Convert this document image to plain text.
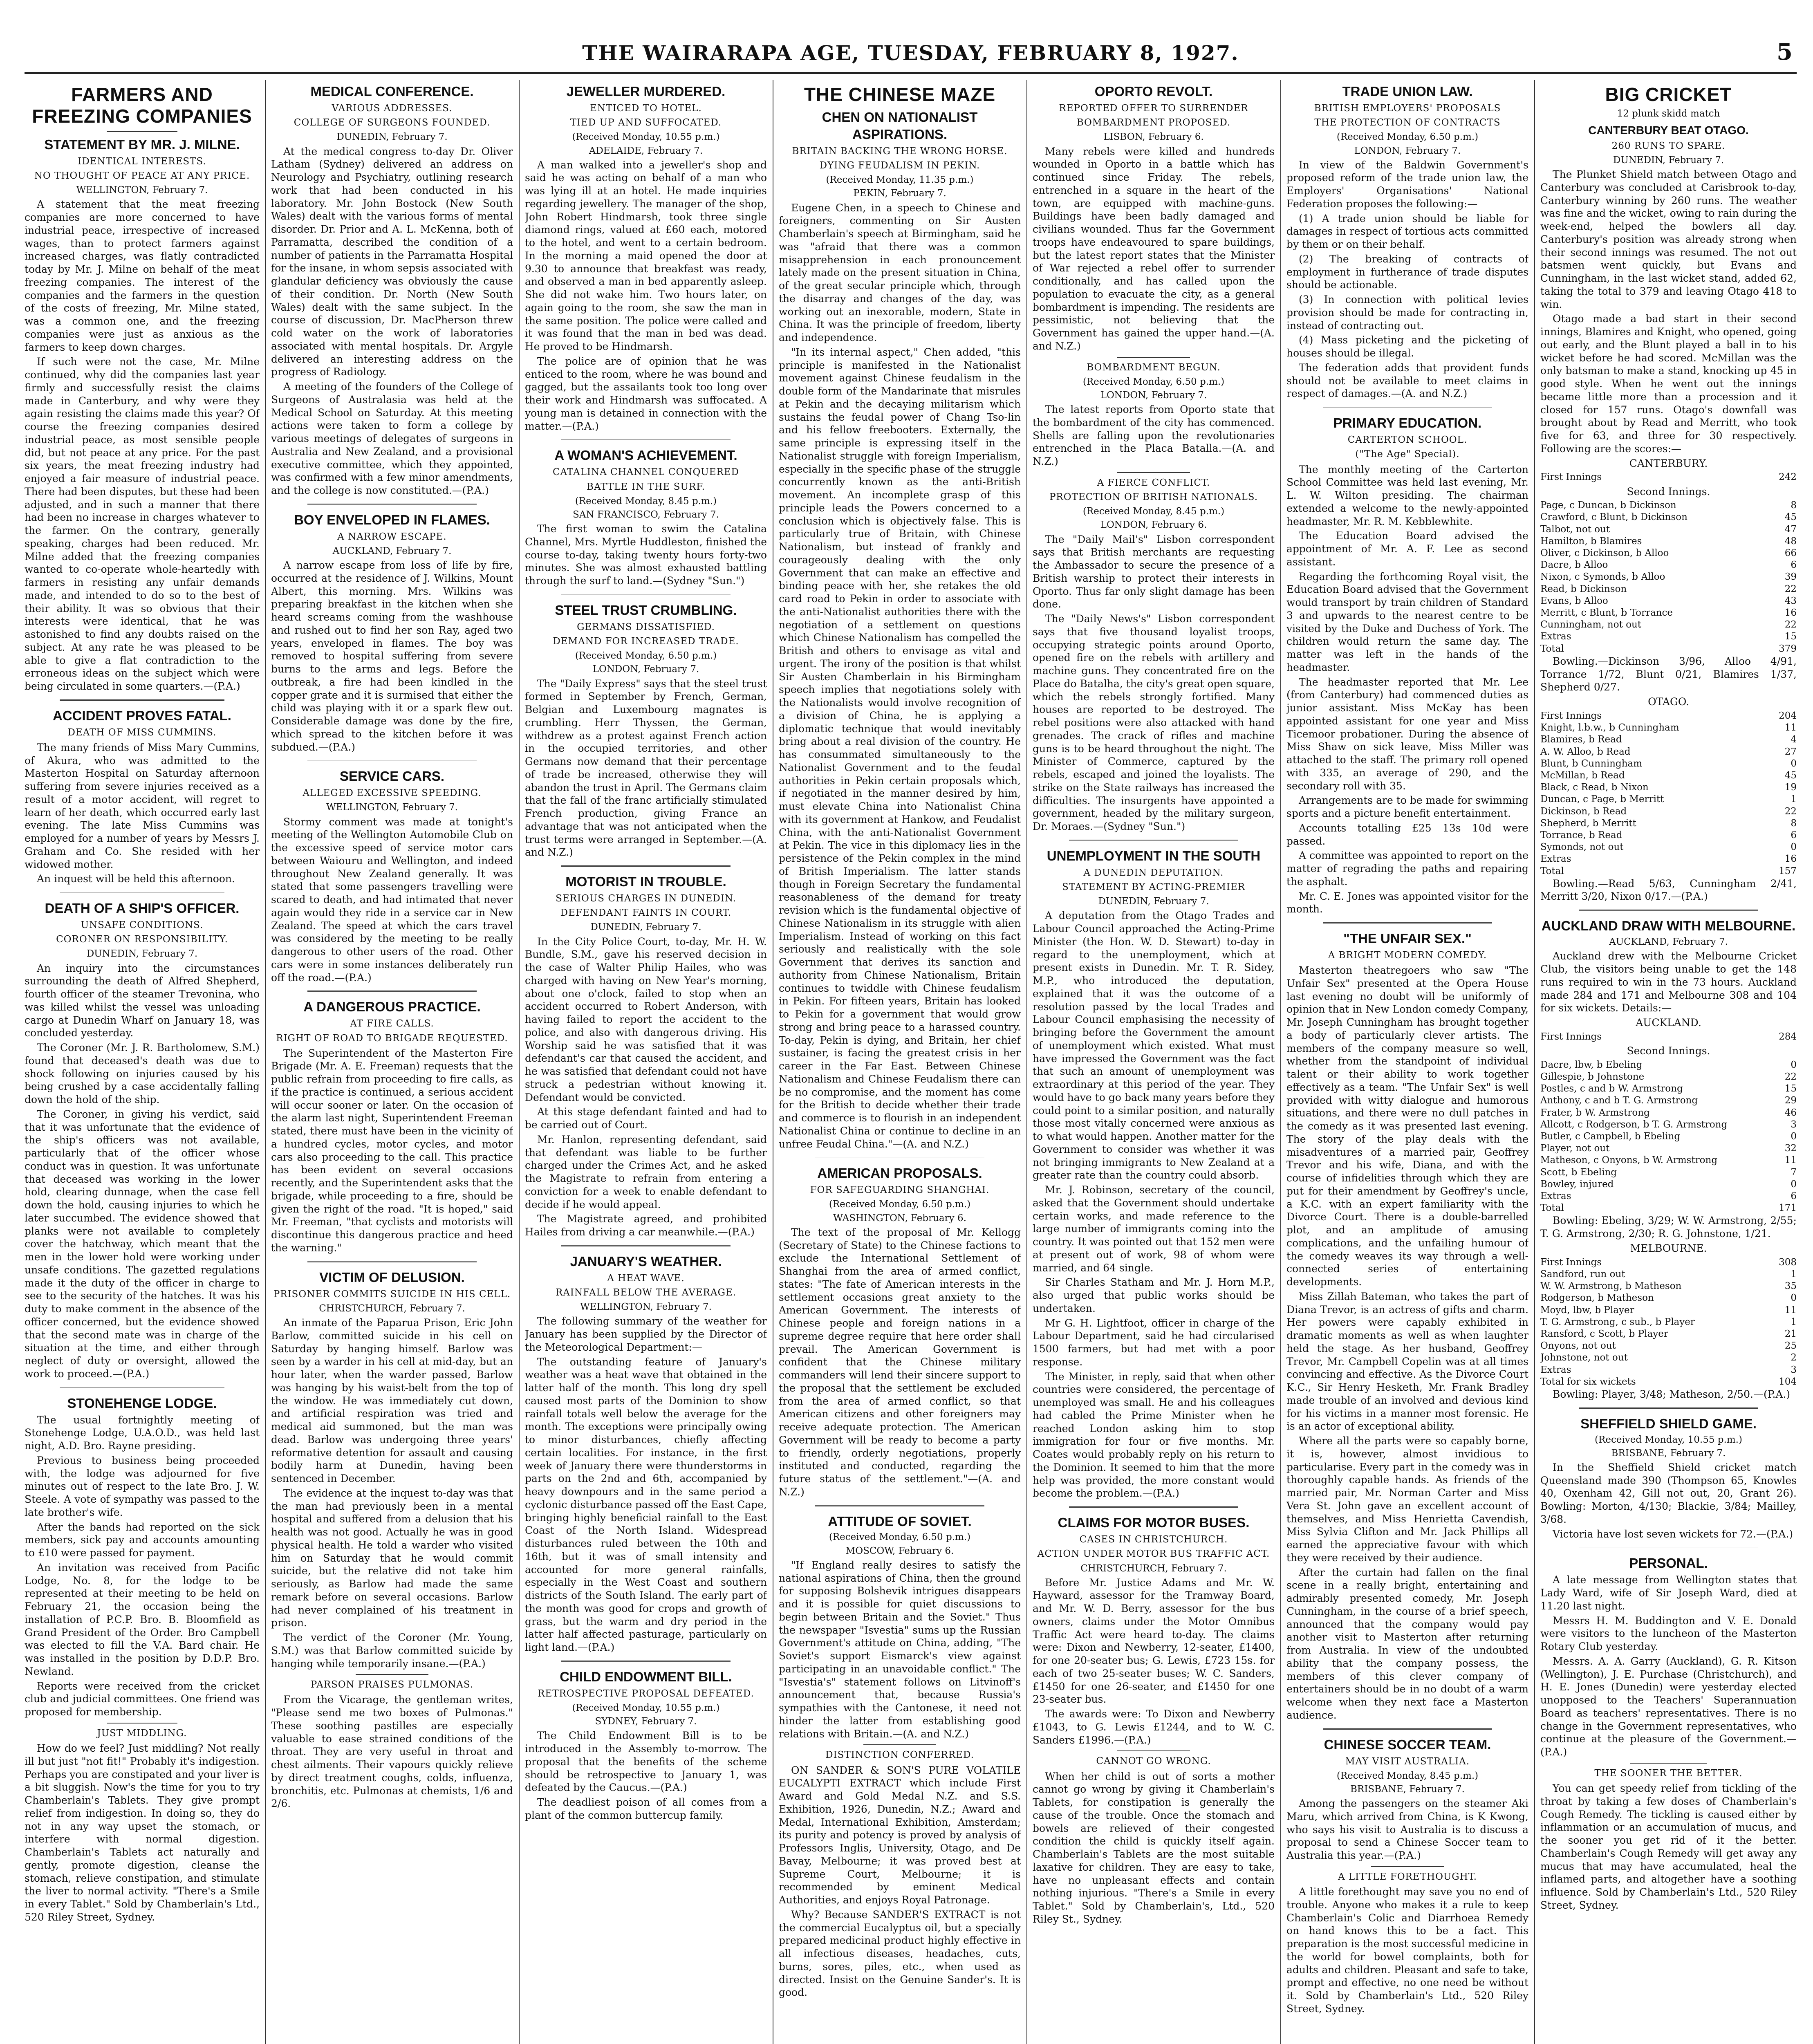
THE WAIRARAPA AGE, TUESDAY, FEBRUARY 8, 1927.	5
FARMERS AND FREEZING COMPANIES
STATEMENT BY MR. J. MILNE.
IDENTICAL INTERESTS.
NO THOUGHT OF PEACE AT ANY PRICE.
WELLINGTON, February 7.

A statement that the meat freezing companies are more concerned to have industrial peace, irrespective of increased wages, than to protect farmers against increased charges, was flatly contradicted today by Mr. J. Milne on behalf of the meat freezing companies. The interest of the companies and the farmers in the question of the costs of freezing, Mr. Milne stated, was a common one, and the freezing companies were just as anxious as the farmers to keep down charges.

If such were not the case, Mr. Milne continued, why did the companies last year firmly and successfully resist the claims made in Canterbury, and why were they again resisting the claims made this year? Of course the freezing companies desired industrial peace, as most sensible people did, but not peace at any price. For the past six years, the meat freezing industry had enjoyed a fair measure of industrial peace. There had been disputes, but these had been adjusted, and in such a manner that there had been no increase in charges whatever to the farmer. On the contrary, generally speaking, charges had been reduced. Mr. Milne added that the freezing companies wanted to co-operate whole-heartedly with farmers in resisting any unfair demands made, and intended to do so to the best of their ability. It was so obvious that their interests were identical, that he was astonished to find any doubts raised on the subject. At any rate he was pleased to be able to give a flat contradiction to the erroneous ideas on the subject which were being circulated in some quarters.—(P.A.)

ACCIDENT PROVES FATAL.
DEATH OF MISS CUMMINS.

The many friends of Miss Mary Cummins, of Akura, who was admitted to the Masterton Hospital on Saturday afternoon suffering from severe injuries received as a result of a motor accident, will regret to learn of her death, which occurred early last evening. The late Miss Cummins was employed for a number of years by Messrs J. Graham and Co. She resided with her widowed mother.

An inquest will be held this afternoon.

DEATH OF A SHIP'S OFFICER.
UNSAFE CONDITIONS.
CORONER ON RESPONSIBILITY.
DUNEDIN, February 7.

An inquiry into the circumstances surrounding the death of Alfred Shepherd, fourth officer of the steamer Trevonina, who was killed whilst the vessel was unloading cargo at Dunedin Wharf on January 18, was concluded yesterday.

The Coroner (Mr. J. R. Bartholomew, S.M.) found that deceased's death was due to shock following on injuries caused by his being crushed by a case accidentally falling down the hold of the ship.

The Coroner, in giving his verdict, said that it was unfortunate that the evidence of the ship's officers was not available, particularly that of the officer whose conduct was in question. It was unfortunate that deceased was working in the lower hold, clearing dunnage, when the case fell down the hold, causing injuries to which he later succumbed. The evidence showed that planks were not available to completely cover the hatchway, which meant that the men in the lower hold were working under unsafe conditions. The gazetted regulations made it the duty of the officer in charge to see to the security of the hatches. It was his duty to make comment in the absence of the officer concerned, but the evidence showed that the second mate was in charge of the situation at the time, and either through neglect of duty or oversight, allowed the work to proceed.—(P.A.)

STONEHENGE LODGE.

The usual fortnightly meeting of Stonehenge Lodge, U.A.O.D., was held last night, A.D. Bro. Rayne presiding.

Previous to business being proceeded with, the lodge was adjourned for five minutes out of respect to the late Bro. J. W. Steele. A vote of sympathy was passed to the late brother's wife.

After the bands had reported on the sick members, sick pay and accounts amounting to £10 were passed for payment.

An invitation was received from Pacific Lodge, No. 8, for the lodge to be represented at their meeting to be held on February 21, the occasion being the installation of P.C.P. Bro. B. Bloomfield as Grand President of the Order. Bro Campbell was elected to fill the V.A. Bard chair. He was installed in the position by D.D.P. Bro. Newland.

Reports were received from the cricket club and judicial committees. One friend was proposed for membership.

JUST MIDDLING.

How do we feel? Just middling? Not really ill but just "not fit!" Probably it's indigestion. Perhaps you are constipated and your liver is a bit sluggish. Now's the time for you to try Chamberlain's Tablets. They give prompt relief from indigestion. In doing so, they do not in any way upset the stomach, or interfere with normal digestion. Chamberlain's Tablets act naturally and gently, promote digestion, cleanse the stomach, relieve constipation, and stimulate the liver to normal activity. "There's a Smile in every Tablet." Sold by Chamberlain's Ltd., 520 Riley Street, Sydney.

MEDICAL CONFERENCE.
VARIOUS ADDRESSES.
COLLEGE OF SURGEONS FOUNDED.
DUNEDIN, February 7.

At the medical congress to-day Dr. Oliver Latham (Sydney) delivered an address on Neurology and Psychiatry, outlining research work that had been conducted in his laboratory. Mr. John Bostock (New South Wales) dealt with the various forms of mental disorder. Dr. Prior and A. L. McKenna, both of Parramatta, described the condition of a number of patients in the Parramatta Hospital for the insane, in whom sepsis associated with glandular deficiency was obviously the cause of their condition. Dr. North (New South Wales) dealt with the same subject. In the course of discussion, Dr. MacPherson threw cold water on the work of laboratories associated with mental hospitals. Dr. Argyle delivered an interesting address on the progress of Radiology.

A meeting of the founders of the College of Surgeons of Australasia was held at the Medical School on Saturday. At this meeting actions were taken to form a college by various meetings of delegates of surgeons in Australia and New Zealand, and a provisional executive committee, which they appointed, was confirmed with a few minor amendments, and the college is now constituted.—(P.A.)

BOY ENVELOPED IN FLAMES.
A NARROW ESCAPE.
AUCKLAND, February 7.

A narrow escape from loss of life by fire, occurred at the residence of J. Wilkins, Mount Albert, this morning. Mrs. Wilkins was preparing breakfast in the kitchen when she heard screams coming from the washhouse and rushed out to find her son Ray, aged two years, enveloped in flames. The boy was removed to hospital suffering from severe burns to the arms and legs. Before the outbreak, a fire had been kindled in the copper grate and it is surmised that either the child was playing with it or a spark flew out. Considerable damage was done by the fire, which spread to the kitchen before it was subdued.—(P.A.)

SERVICE CARS.
ALLEGED EXCESSIVE SPEEDING.
WELLINGTON, February 7.

Stormy comment was made at tonight's meeting of the Wellington Automobile Club on the excessive speed of service motor cars between Waiouru and Wellington, and indeed throughout New Zealand generally. It was stated that some passengers travelling were scared to death, and had intimated that never again would they ride in a service car in New Zealand. The speed at which the cars travel was considered by the meeting to be really dangerous to other users of the road. Other cars were in some instances deliberately run off the road.—(P.A.)

A DANGEROUS PRACTICE.
AT FIRE CALLS.
RIGHT OF ROAD TO BRIGADE REQUESTED.

The Superintendent of the Masterton Fire Brigade (Mr. A. E. Freeman) requests that the public refrain from proceeding to fire calls, as if the practice is continued, a serious accident will occur sooner or later. On the occasion of the alarm last night, Superintendent Freeman stated, there must have been in the vicinity of a hundred cycles, motor cycles, and motor cars also proceeding to the call. This practice has been evident on several occasions recently, and the Superintendent asks that the brigade, while proceeding to a fire, should be given the right of the road. "It is hoped," said Mr. Freeman, "that cyclists and motorists will discontinue this dangerous practice and heed the warning."

VICTIM OF DELUSION.
PRISONER COMMITS SUICIDE IN HIS CELL.
CHRISTCHURCH, February 7.

An inmate of the Paparua Prison, Eric John Barlow, committed suicide in his cell on Saturday by hanging himself. Barlow was seen by a warder in his cell at mid-day, but an hour later, when the warder passed, Barlow was hanging by his waist-belt from the top of the window. He was immediately cut down, and artificial respiration was tried and medical aid summoned, but the man was dead. Barlow was undergoing three years' reformative detention for assault and causing bodily harm at Dunedin, having been sentenced in December.

The evidence at the inquest to-day was that the man had previously been in a mental hospital and suffered from a delusion that his health was not good. Actually he was in good physical health. He told a warder who visited him on Saturday that he would commit suicide, but the relative did not take him seriously, as Barlow had made the same remark before on several occasions. Barlow had never complained of his treatment in prison.

The verdict of the Coroner (Mr. Young, S.M.) was that Barlow committed suicide by hanging while temporarily insane.—(P.A.)

PARSON PRAISES PULMONAS.

From the Vicarage, the gentleman writes, "Please send me two boxes of Pulmonas." These soothing pastilles are especially valuable to ease strained conditions of the throat. They are very useful in throat and chest ailments. Their vapours quickly relieve by direct treatment coughs, colds, influenza, bronchitis, etc. Pulmonas at chemists, 1/6 and 2/6.

JEWELLER MURDERED.
ENTICED TO HOTEL.
TIED UP AND SUFFOCATED.
(Received Monday, 10.55 p.m.)
ADELAIDE, February 7.

A man walked into a jeweller's shop and said he was acting on behalf of a man who was lying ill at an hotel. He made inquiries regarding jewellery. The manager of the shop, John Robert Hindmarsh, took three single diamond rings, valued at £60 each, motored to the hotel, and went to a certain bedroom. In the morning a maid opened the door at 9.30 to announce that breakfast was ready, and observed a man in bed apparently asleep. She did not wake him. Two hours later, on again going to the room, she saw the man in the same position. The police were called and it was found that the man in bed was dead. He proved to be Hindmarsh.

The police are of opinion that he was enticed to the room, where he was bound and gagged, but the assailants took too long over their work and Hindmarsh was suffocated. A young man is detained in connection with the matter.—(P.A.)

A WOMAN'S ACHIEVEMENT.
CATALINA CHANNEL CONQUERED
BATTLE IN THE SURF.
(Received Monday, 8.45 p.m.)
SAN FRANCISCO, February 7.

The first woman to swim the Catalina Channel, Mrs. Myrtle Huddleston, finished the course to-day, taking twenty hours forty-two minutes. She was almost exhausted battling through the surf to land.—(Sydney "Sun.")

STEEL TRUST CRUMBLING.
GERMANS DISSATISFIED.
DEMAND FOR INCREASED TRADE.
(Received Monday, 6.50 p.m.)
LONDON, February 7.

The "Daily Express" says that the steel trust formed in September by French, German, Belgian and Luxembourg magnates is crumbling. Herr Thyssen, the German, withdrew as a protest against French action in the occupied territories, and other Germans now demand that their percentage of trade be increased, otherwise they will abandon the trust in April. The Germans claim that the fall of the franc artificially stimulated French production, giving France an advantage that was not anticipated when the trust terms were arranged in September.—(A. and N.Z.)

MOTORIST IN TROUBLE.
SERIOUS CHARGES IN DUNEDIN.
DEFENDANT FAINTS IN COURT.
DUNEDIN, February 7.

In the City Police Court, to-day, Mr. H. W. Bundle, S.M., gave his reserved decision in the case of Walter Philip Hailes, who was charged with having on New Year's morning, about one o'clock, failed to stop when an accident occurred to Robert Anderson, with having failed to report the accident to the police, and also with dangerous driving. His Worship said he was satisfied that it was defendant's car that caused the accident, and he was satisfied that defendant could not have struck a pedestrian without knowing it. Defendant would be convicted.

At this stage defendant fainted and had to be carried out of Court.

Mr. Hanlon, representing defendant, said that defendant was liable to be further charged under the Crimes Act, and he asked the Magistrate to refrain from entering a conviction for a week to enable defendant to decide if he would appeal.

The Magistrate agreed, and prohibited Hailes from driving a car meanwhile.—(P.A.)

JANUARY'S WEATHER.
A HEAT WAVE.
RAINFALL BELOW THE AVERAGE.
WELLINGTON, February 7.

The following summary of the weather for January has been supplied by the Director of the Meteorological Department:—

The outstanding feature of January's weather was a heat wave that obtained in the latter half of the month. This long dry spell caused most parts of the Dominion to show rainfall totals well below the average for the month. The exceptions were principally owing to minor disturbances, chiefly affecting certain localities. For instance, in the first week of January there were thunderstorms in parts on the 2nd and 6th, accompanied by heavy downpours and in the same period a cyclonic disturbance passed off the East Cape, bringing highly beneficial rainfall to the East Coast of the North Island. Widespread disturbances ruled between the 10th and 16th, but it was of small intensity and accounted for more general rainfalls, especially in the West Coast and southern districts of the South Island. The early part of the month was good for crops and growth of grass, but the warm and dry period in the latter half affected pasturage, particularly on light land.—(P.A.)

CHILD ENDOWMENT BILL.
RETROSPECTIVE PROPOSAL DEFEATED.
(Received Monday, 10.55 p.m.)
SYDNEY, February 7.

The Child Endowment Bill is to be introduced in the Assembly to-morrow. The proposal that the benefits of the scheme should be retrospective to January 1, was defeated by the Caucus.—(P.A.)

The deadliest poison of all comes from a plant of the common buttercup family.

THE CHINESE MAZE
CHEN ON NATIONALIST ASPIRATIONS.
BRITAIN BACKING THE WRONG HORSE.
DYING FEUDALISM IN PEKIN.
(Received Monday, 11.35 p.m.)
PEKIN, February 7.

Eugene Chen, in a speech to Chinese and foreigners, commenting on Sir Austen Chamberlain's speech at Birmingham, said he was "afraid that there was a common misapprehension in each pronouncement lately made on the present situation in China, of the great secular principle which, through the disarray and changes of the day, was working out an inexorable, modern, State in China. It was the principle of freedom, liberty and independence.

"In its internal aspect," Chen added, "this principle is manifested in the Nationalist movement against Chinese feudalism in the double form of the Mandarinate that misrules at Pekin and the decaying militarism which sustains the feudal power of Chang Tso-lin and his fellow freebooters. Externally, the same principle is expressing itself in the Nationalist struggle with foreign Imperialism, especially in the specific phase of the struggle concurrently known as the anti-British movement. An incomplete grasp of this principle leads the Powers concerned to a conclusion which is objectively false. This is particularly true of Britain, with Chinese Nationalism, but instead of frankly and courageously dealing with the only Government that can make an effective and binding peace with her, she retakes the old card road to Pekin in order to associate with the anti-Nationalist authorities there with the negotiation of a settlement on questions which Chinese Nationalism has compelled the British and others to envisage as vital and urgent. The irony of the position is that whilst Sir Austen Chamberlain in his Birmingham speech implies that negotiations solely with the Nationalists would involve recognition of a division of China, he is applying a diplomatic technique that would inevitably bring about a real division of the country. He has consummated simultaneously to the Nationalist Government and to the feudal authorities in Pekin certain proposals which, if negotiated in the manner desired by him, must elevate China into Nationalist China with its government at Hankow, and Feudalist China, with the anti-Nationalist Government at Pekin. The vice in this diplomacy lies in the persistence of the Pekin complex in the mind of British Imperialism. The latter stands though in Foreign Secretary the fundamental reasonableness of the demand for treaty revision which is the fundamental objective of Chinese Nationalism in its struggle with alien Imperialism. Instead of working on this fact seriously and realistically with the sole Government that derives its sanction and authority from Chinese Nationalism, Britain continues to twiddle with Chinese feudalism in Pekin. For fifteen years, Britain has looked to Pekin for a government that would grow strong and bring peace to a harassed country. To-day, Pekin is dying, and Britain, her chief sustainer, is facing the greatest crisis in her career in the Far East. Between Chinese Nationalism and Chinese Feudalism there can be no compromise, and the moment has come for the British to decide whether their trade and commerce is to flourish in an independent Nationalist China or continue to decline in an unfree Feudal China."—(A. and N.Z.)

AMERICAN PROPOSALS.
FOR SAFEGUARDING SHANGHAI.
(Received Monday, 6.50 p.m.)
WASHINGTON, February 6.

The text of the proposal of Mr. Kellogg (Secretary of State) to the Chinese factions to exclude the International Settlement of Shanghai from the area of armed conflict, states: "The fate of American interests in the settlement occasions great anxiety to the American Government. The interests of Chinese people and foreign nations in a supreme degree require that here order shall prevail. The American Government is confident that the Chinese military commanders will lend their sincere support to the proposal that the settlement be excluded from the area of armed conflict, so that American citizens and other foreigners may receive adequate protection. The American Government will be ready to become a party to friendly, orderly negotiations, properly instituted and conducted, regarding the future status of the settlement."—(A. and N.Z.)

ATTITUDE OF SOVIET.
(Received Monday, 6.50 p.m.)
MOSCOW, February 6.

"If England really desires to satisfy the national aspirations of China, then the ground for supposing Bolshevik intrigues disappears and it is possible for quiet discussions to begin between Britain and the Soviet." Thus the newspaper "Isvestia" sums up the Russian Government's attitude on China, adding, "The Soviet's support Eismarck's view against participating in an unavoidable conflict." The "Isvestia's" statement follows on Litvinoff's announcement that, because Russia's sympathies with the Cantonese, it need not hinder the latter from establishing good relations with Britain.—(A. and N.Z.)

DISTINCTION CONFERRED.

ON SANDER & SON'S PURE VOLATILE EUCALYPTI EXTRACT which include First Award and Gold Medal N.Z. and S.S. Exhibition, 1926, Dunedin, N.Z.; Award and Medal, International Exhibition, Amsterdam; its purity and potency is proved by analysis of Professors Inglis, University, Otago, and De Bavay, Melbourne; it was proved best at Supreme Court, Melbourne; it is recommended by eminent Medical Authorities, and enjoys Royal Patronage.

Why? Because SANDER'S EXTRACT is not the commercial Eucalyptus oil, but a specially prepared medicinal product highly effective in all infectious diseases, headaches, cuts, burns, sores, piles, etc., when used as directed. Insist on the Genuine Sander's. It is good.

OPORTO REVOLT.
REPORTED OFFER TO SURRENDER
BOMBARDMENT PROPOSED.
LISBON, February 6.

Many rebels were killed and hundreds wounded in Oporto in a battle which has continued since Friday. The rebels, entrenched in a square in the heart of the town, are equipped with machine-guns. Buildings have been badly damaged and civilians wounded. Thus far the Government troops have endeavoured to spare buildings, but the latest report states that the Minister of War rejected a rebel offer to surrender conditionally, and has called upon the population to evacuate the city, as a general bombardment is impending. The residents are pessimistic, not believing that the Government has gained the upper hand.—(A. and N.Z.)

BOMBARDMENT BEGUN.
(Received Monday, 6.50 p.m.)
LONDON, February 7.

The latest reports from Oporto state that the bombardment of the city has commenced. Shells are falling upon the revolutionaries entrenched in the Placa Batalla.—(A. and N.Z.)

A FIERCE CONFLICT.
PROTECTION OF BRITISH NATIONALS.
(Received Monday, 8.45 p.m.)
LONDON, February 6.

The "Daily Mail's" Lisbon correspondent says that British merchants are requesting the Ambassador to secure the presence of a British warship to protect their interests in Oporto. Thus far only slight damage has been done.

The "Daily News's" Lisbon correspondent says that five thousand loyalist troops, occupying strategic points around Oporto, opened fire on the rebels with artillery and machine guns. They concentrated fire on the Place do Batalha, the city's great open square, which the rebels strongly fortified. Many houses are reported to be destroyed. The rebel positions were also attacked with hand grenades. The crack of rifles and machine guns is to be heard throughout the night. The Minister of Commerce, captured by the rebels, escaped and joined the loyalists. The strike on the State railways has increased the difficulties. The insurgents have appointed a government, headed by the military surgeon, Dr. Moraes.—(Sydney "Sun.")

UNEMPLOYMENT IN THE SOUTH
A DUNEDIN DEPUTATION.
STATEMENT BY ACTING-PREMIER
DUNEDIN, February 7.

A deputation from the Otago Trades and Labour Council approached the Acting-Prime Minister (the Hon. W. D. Stewart) to-day in regard to the unemployment, which at present exists in Dunedin. Mr. T. R. Sidey, M.P., who introduced the deputation, explained that it was the outcome of a resolution passed by the local Trades and Labour Council emphasising the necessity of bringing before the Government the amount of unemployment which existed. What must have impressed the Government was the fact that such an amount of unemployment was extraordinary at this period of the year. They would have to go back many years before they could point to a similar position, and naturally those most vitally concerned were anxious as to what would happen. Another matter for the Government to consider was whether it was not bringing immigrants to New Zealand at a greater rate than the country could absorb.

Mr. J. Robinson, secretary of the council, asked that the Government should undertake certain works, and made reference to the large number of immigrants coming into the country. It was pointed out that 152 men were at present out of work, 98 of whom were married, and 64 single.

Sir Charles Statham and Mr. J. Horn M.P., also urged that public works should be undertaken.

Mr G. H. Lightfoot, officer in charge of the Labour Department, said he had circularised 1500 farmers, but had met with a poor response.

The Minister, in reply, said that when other countries were considered, the percentage of unemployed was small. He and his colleagues had cabled the Prime Minister when he reached London asking him to stop immigration for four or five months. Mr. Coates would probably reply on his return to the Dominion. It seemed to him that the more help was provided, the more constant would become the problem.—(P.A.)

CLAIMS FOR MOTOR BUSES.
CASES IN CHRISTCHURCH.
ACTION UNDER MOTOR BUS TRAFFIC ACT.
CHRISTCHURCH, February 7.

Before Mr. Justice Adams and Mr. W. Hayward, assessor for the Tramway Board, and Mr. W. D. Berry, assessor for the bus owners, claims under the Motor Omnibus Traffic Act were heard to-day. The claims were: Dixon and Newberry, 12-seater, £1400, for one 20-seater bus; G. Lewis, £723 15s. for each of two 25-seater buses; W. C. Sanders, £1450 for one 26-seater, and £1450 for one 23-seater bus.

The awards were: To Dixon and Newberry £1043, to G. Lewis £1244, and to W. C. Sanders £1996.—(P.A.)

CANNOT GO WRONG.

When her child is out of sorts a mother cannot go wrong by giving it Chamberlain's Tablets, for constipation is generally the cause of the trouble. Once the stomach and bowels are relieved of their congested condition the child is quickly itself again. Chamberlain's Tablets are the most suitable laxative for children. They are easy to take, have no unpleasant effects and contain nothing injurious. "There's a Smile in every Tablet." Sold by Chamberlain's, Ltd., 520 Riley St., Sydney.

TRADE UNION LAW.
BRITISH EMPLOYERS' PROPOSALS
THE PROTECTION OF CONTRACTS
(Received Monday, 6.50 p.m.)
LONDON, February 7.

In view of the Baldwin Government's proposed reform of the trade union law, the Employers' Organisations' National Federation proposes the following:—

(1) A trade union should be liable for damages in respect of tortious acts committed by them or on their behalf.

(2) The breaking of contracts of employment in furtherance of trade disputes should be actionable.

(3) In connection with political levies provision should be made for contracting in, instead of contracting out.

(4) Mass picketing and the picketing of houses should be illegal.

The federation adds that provident funds should not be available to meet claims in respect of damages.—(A. and N.Z.)

PRIMARY EDUCATION.
CARTERTON SCHOOL.
("The Age" Special).

The monthly meeting of the Carterton School Committee was held last evening, Mr. L. W. Wilton presiding. The chairman extended a welcome to the newly-appointed headmaster, Mr. R. M. Kebblewhite.

The Education Board advised the appointment of Mr. A. F. Lee as second assistant.

Regarding the forthcoming Royal visit, the Education Board advised that the Government would transport by train children of Standard 3 and upwards to the nearest centre to be visited by the Duke and Duchess of York. The children would return the same day. The matter was left in the hands of the headmaster.

The headmaster reported that Mr. Lee (from Canterbury) had commenced duties as junior assistant. Miss McKay has been appointed assistant for one year and Miss Ticemoor probationer. During the absence of Miss Shaw on sick leave, Miss Miller was attached to the staff. The primary roll opened with 335, an average of 290, and the secondary roll with 35.

Arrangements are to be made for swimming sports and a picture benefit entertainment.

Accounts totalling £25 13s 10d were passed.

A committee was appointed to report on the matter of regrading the paths and repairing the asphalt.

Mr. C. E. Jones was appointed visitor for the month.

"THE UNFAIR SEX."
A BRIGHT MODERN COMEDY.

Masterton theatregoers who saw "The Unfair Sex" presented at the Opera House last evening no doubt will be uniformly of opinion that in New London comedy Company, Mr. Joseph Cunningham has brought together a body of particularly clever artists. The members of the company measure so well, whether from the standpoint of individual talent or their ability to work together effectively as a team. "The Unfair Sex" is well provided with witty dialogue and humorous situations, and there were no dull patches in the comedy as it was presented last evening. The story of the play deals with the misadventures of a married pair, Geoffrey Trevor and his wife, Diana, and with the course of infidelities through which they are put for their amendment by Geoffrey's uncle, a K.C. with an expert familiarity with the Divorce Court. There is a double-barrelled plot, and an amplitude of amusing complications, and the unfailing humour of the comedy weaves its way through a well-connected series of entertaining developments.

Miss Zillah Bateman, who takes the part of Diana Trevor, is an actress of gifts and charm. Her powers were capably exhibited in dramatic moments as well as when laughter held the stage. As her husband, Geoffrey Trevor, Mr. Campbell Copelin was at all times convincing and effective. As the Divorce Court K.C., Sir Henry Hesketh, Mr. Frank Bradley made trouble of an involved and devious kind for his victims in a manner most forensic. He is an actor of exceptional ability.

Where all the parts were so capably borne, it is, however, almost invidious to particularise. Every part in the comedy was in thoroughly capable hands. As friends of the married pair, Mr. Norman Carter and Miss Vera St. John gave an excellent account of themselves, and Miss Henrietta Cavendish, Miss Sylvia Clifton and Mr. Jack Phillips all earned the appreciative favour with which they were received by their audience.

After the curtain had fallen on the final scene in a really bright, entertaining and admirably presented comedy, Mr. Joseph Cunningham, in the course of a brief speech, announced that the company would pay another visit to Masterton after returning from Australia. In view of the undoubted ability that the company possess, the members of this clever company of entertainers should be in no doubt of a warm welcome when they next face a Masterton audience.

CHINESE SOCCER TEAM.
MAY VISIT AUSTRALIA.
(Received Monday, 8.45 p.m.)
BRISBANE, February 7.

Among the passengers on the steamer Aki Maru, which arrived from China, is K Kwong, who says his visit to Australia is to discuss a proposal to send a Chinese Soccer team to Australia this year.—(P.A.)

A LITTLE FORETHOUGHT.

A little forethought may save you no end of trouble. Anyone who makes it a rule to keep Chamberlain's Colic and Diarrhoea Remedy on hand knows this to be a fact. This preparation is the most successful medicine in the world for bowel complaints, both for adults and children. Pleasant and safe to take, prompt and effective, no one need be without it. Sold by Chamberlain's Ltd., 520 Riley Street, Sydney.

BIG CRICKET
12 plunk skidd match
CANTERBURY BEAT OTAGO.
260 RUNS TO SPARE.
DUNEDIN, February 7.

The Plunket Shield match between Otago and Canterbury was concluded at Carisbrook to-day, Canterbury winning by 260 runs. The weather was fine and the wicket, owing to rain during the week-end, helped the bowlers all day. Canterbury's position was already strong when their second innings was resumed. The not out batsmen went quickly, but Evans and Cunningham, in the last wicket stand, added 62, taking the total to 379 and leaving Otago 418 to win.

Otago made a bad start in their second innings, Blamires and Knight, who opened, going out early, and the Blunt played a ball in to his wicket before he had scored. McMillan was the only batsman to make a stand, knocking up 45 in good style. When he went out the innings became little more than a procession and it closed for 157 runs. Otago's downfall was brought about by Read and Merritt, who took five for 63, and three for 30 respectively. Following are the scores:—

CANTERBURY.
First Innings	242
Second Innings.
Page, c Duncan, b Dickinson	8
Crawford, c Blunt, b Dickinson	45
Talbot, not out	47
Hamilton, b Blamires	48
Oliver, c Dickinson, b Alloo	66
Dacre, b Alloo	6
Nixon, c Symonds, b Alloo	39
Read, b Dickinson	22
Evans, b Alloo	43
Merritt, c Blunt, b Torrance	16
Cunningham, not out	22
Extras	15
Total	379

Bowling.—Dickinson 3/96, Alloo 4/91, Torrance 1/72, Blunt 0/21, Blamires 1/37, Shepherd 0/27.

OTAGO.
First Innings	204
Knight, l.b.w., b Cunningham	11
Blamires, b Read	4
A. W. Alloo, b Read	27
Blunt, b Cunningham	0
McMillan, b Read	45
Black, c Read, b Nixon	19
Duncan, c Page, b Merritt	1
Dickinson, b Read	22
Shepherd, b Merritt	8
Torrance, b Read	6
Symonds, not out	0
Extras	16
Total	157

Bowling.—Read 5/63, Cunningham 2/41, Merritt 3/20, Nixon 0/17.—(P.A.)

AUCKLAND DRAW WITH MELBOURNE.
AUCKLAND, February 7.

Auckland drew with the Melbourne Cricket Club, the visitors being unable to get the 148 runs required to win in the 73 hours. Auckland made 284 and 171 and Melbourne 308 and 104 for six wickets. Details:—

AUCKLAND.
First Innings	284
Second Innings.
Dacre, lbw, b Ebeling	0
Gillespie, b Johnstone	22
Postles, c and b W. Armstrong	15
Anthony, c and b T. G. Armstrong	29
Frater, b W. Armstrong	46
Allcott, c Rodgerson, b T. G. Armstrong	3
Butler, c Campbell, b Ebeling	0
Player, not out	32
Matheson, c Onyons, b W. Armstrong	11
Scott, b Ebeling	7
Bowley, injured	0
Extras	6
Total	171

Bowling: Ebeling, 3/29; W. W. Armstrong, 2/55; T. G. Armstrong, 2/30; R. G. Johnstone, 1/21.

MELBOURNE.
First Innings	308
Sandford, run out	1
W. W. Armstrong, b Matheson	35
Rodgerson, b Matheson	0
Moyd, lbw, b Player	11
T. G. Armstrong, c sub., b Player	1
Ransford, c Scott, b Player	21
Onyons, not out	25
Johnstone, not out	2
Extras	3
Total for six wickets	104

Bowling: Player, 3/48; Matheson, 2/50.—(P.A.)

SHEFFIELD SHIELD GAME.
(Received Monday, 10.55 p.m.)
BRISBANE, February 7.

In the Sheffield Shield cricket match Queensland made 390 (Thompson 65, Knowles 40, Oxenham 42, Gill not out, 20, Grant 26). Bowling: Morton, 4/130; Blackie, 3/84; Mailley, 3/68.

Victoria have lost seven wickets for 72.—(P.A.)

PERSONAL.

A late message from Wellington states that Lady Ward, wife of Sir Joseph Ward, died at 11.20 last night.

Messrs H. M. Buddington and V. E. Donald were visitors to the luncheon of the Masterton Rotary Club yesterday.

Messrs. A. A. Garry (Auckland), G. R. Kitson (Wellington), J. E. Purchase (Christchurch), and H. E. Jones (Dunedin) were yesterday elected unopposed to the Teachers' Superannuation Board as teachers' representatives. There is no change in the Government representatives, who continue at the pleasure of the Government.—(P.A.)

THE SOONER THE BETTER.

You can get speedy relief from tickling of the throat by taking a few doses of Chamberlain's Cough Remedy. The tickling is caused either by inflammation or an accumulation of mucus, and the sooner you get rid of it the better. Chamberlain's Cough Remedy will get away any mucus that may have accumulated, heal the inflamed parts, and altogether have a soothing influence. Sold by Chamberlain's Ltd., 520 Riley Street, Sydney.
